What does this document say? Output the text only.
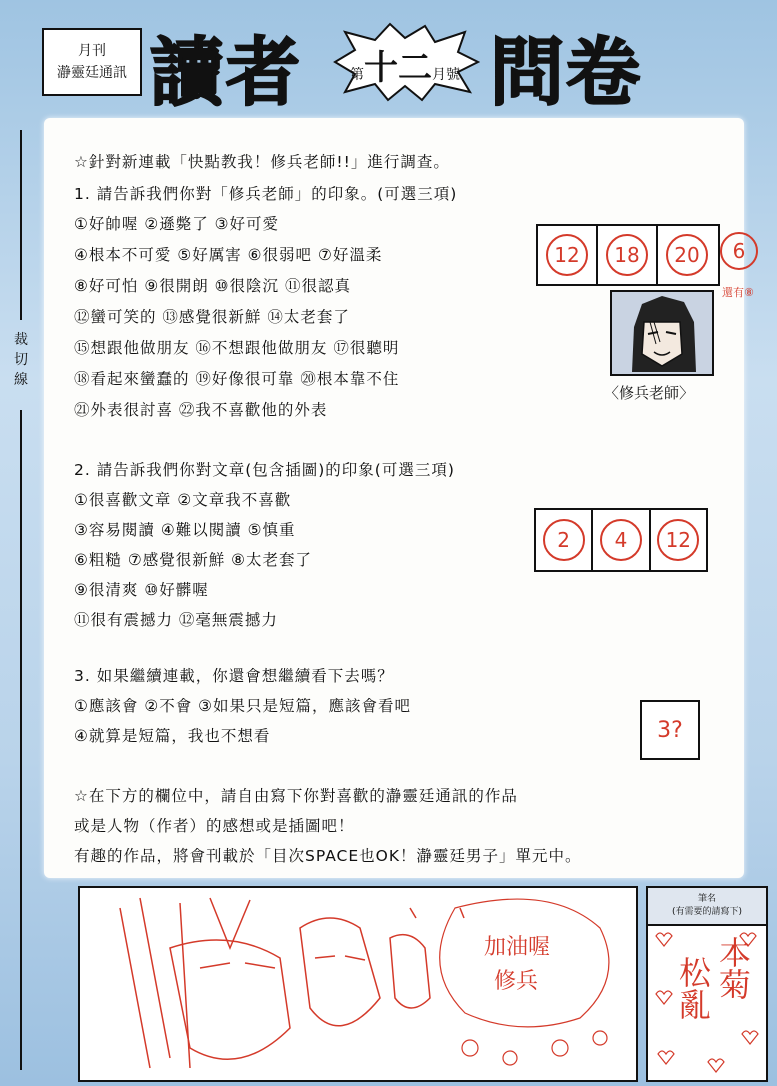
月刊
瀞靈廷通訊 讀者	第十二月號 問卷
裁
切
線
☆針對新連載「快點教我！修兵老師!!」進行調查。
1. 請告訴我們你對「修兵老師」的印象。(可選三項)
①好帥喔 ②遜斃了 ③好可愛
④根本不可愛 ⑤好厲害 ⑥很弱吧 ⑦好溫柔
⑧好可怕 ⑨很開朗 ⑩很陰沉 ⑪很認真
⑫蠻可笑的 ⑬感覺很新鮮 ⑭太老套了
⑮想跟他做朋友 ⑯不想跟他做朋友 ⑰很聽明
⑱看起來蠻蠢的 ⑲好像很可靠 ⑳根本靠不住
㉑外表很討喜 ㉒我不喜歡他的外表
12	18	20	6
還有⑧
〈修兵老師〉
2. 請告訴我們你對文章(包含插圖)的印象(可選三項)
①很喜歡文章 ②文章我不喜歡
③容易閱讀 ④難以閱讀 ⑤慎重
⑥粗糙 ⑦感覺很新鮮 ⑧太老套了
⑨很清爽 ⑩好髒喔
⑪很有震撼力 ⑫毫無震撼力
2	4	12
3. 如果繼續連載，你還會想繼續看下去嗎？
①應該會 ②不會 ③如果只是短篇，應該會看吧
④就算是短篇，我也不想看	3?
☆在下方的欄位中，請自由寫下你對喜歡的瀞靈廷通訊的作品
或是人物（作者）的感想或是插圖吧！
有趣的作品，將會刊載於「目次SPACE也OK！瀞靈廷男子」單元中。
加油喔
修兵
筆名
(有需要的請寫下)
本菊
松亂
